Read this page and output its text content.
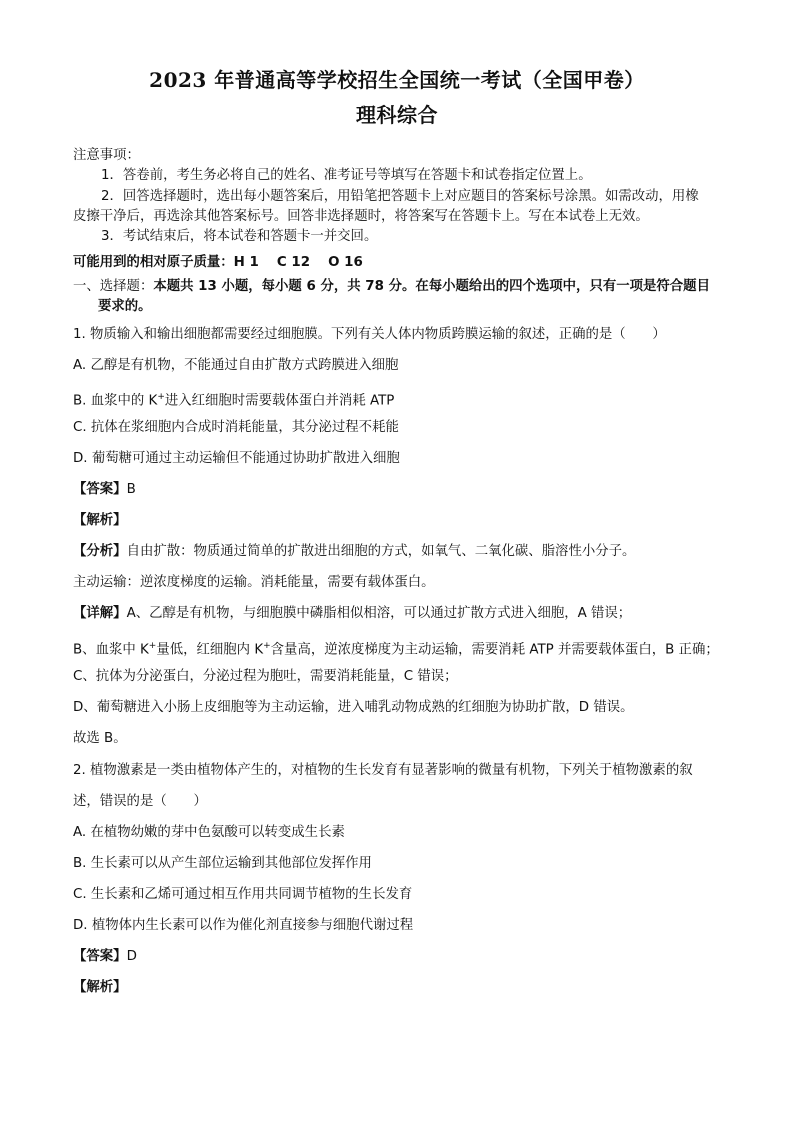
2023 年普通高等学校招生全国统一考试（全国甲卷）
理科综合
注意事项：
1．答卷前，考生务必将自己的姓名、准考证号等填写在答题卡和试卷指定位置上。
2．回答选择题时，选出每小题答案后，用铅笔把答题卡上对应题目的答案标号涂黑。如需改动，用橡
皮擦干净后，再选涂其他答案标号。回答非选择题时，将答案写在答题卡上。写在本试卷上无效。
3．考试结束后，将本试卷和答题卡一并交回。
可能用到的相对原子质量：H 1　 C 12　 O 16
一、选择题：本题共 13 小题，每小题 6 分，共 78 分。在每小题给出的四个选项中，只有一项是符合题目
要求的。
1. 物质输入和输出细胞都需要经过细胞膜。下列有关人体内物质跨膜运输的叙述，正确的是（　　）
A. 乙醇是有机物，不能通过自由扩散方式跨膜进入细胞
B. 血浆中的 K+进入红细胞时需要载体蛋白并消耗 ATP
C. 抗体在浆细胞内合成时消耗能量，其分泌过程不耗能
D. 葡萄糖可通过主动运输但不能通过协助扩散进入细胞
【答案】B
【解析】
【分析】自由扩散：物质通过简单的扩散进出细胞的方式，如氧气、二氧化碳、脂溶性小分子。
主动运输：逆浓度梯度的运输。消耗能量，需要有载体蛋白。
【详解】A、乙醇是有机物，与细胞膜中磷脂相似相溶，可以通过扩散方式进入细胞，A 错误；
B、血浆中 K+量低，红细胞内 K+含量高，逆浓度梯度为主动运输，需要消耗 ATP 并需要载体蛋白，B 正确；
C、抗体为分泌蛋白，分泌过程为胞吐，需要消耗能量，C 错误；
D、葡萄糖进入小肠上皮细胞等为主动运输，进入哺乳动物成熟的红细胞为协助扩散，D 错误。
故选 B。
2. 植物激素是一类由植物体产生的，对植物的生长发育有显著影响的微量有机物，下列关于植物激素的叙
述，错误的是（　　）
A. 在植物幼嫩的芽中色氨酸可以转变成生长素
B. 生长素可以从产生部位运输到其他部位发挥作用
C. 生长素和乙烯可通过相互作用共同调节植物的生长发育
D. 植物体内生长素可以作为催化剂直接参与细胞代谢过程
【答案】D
【解析】
